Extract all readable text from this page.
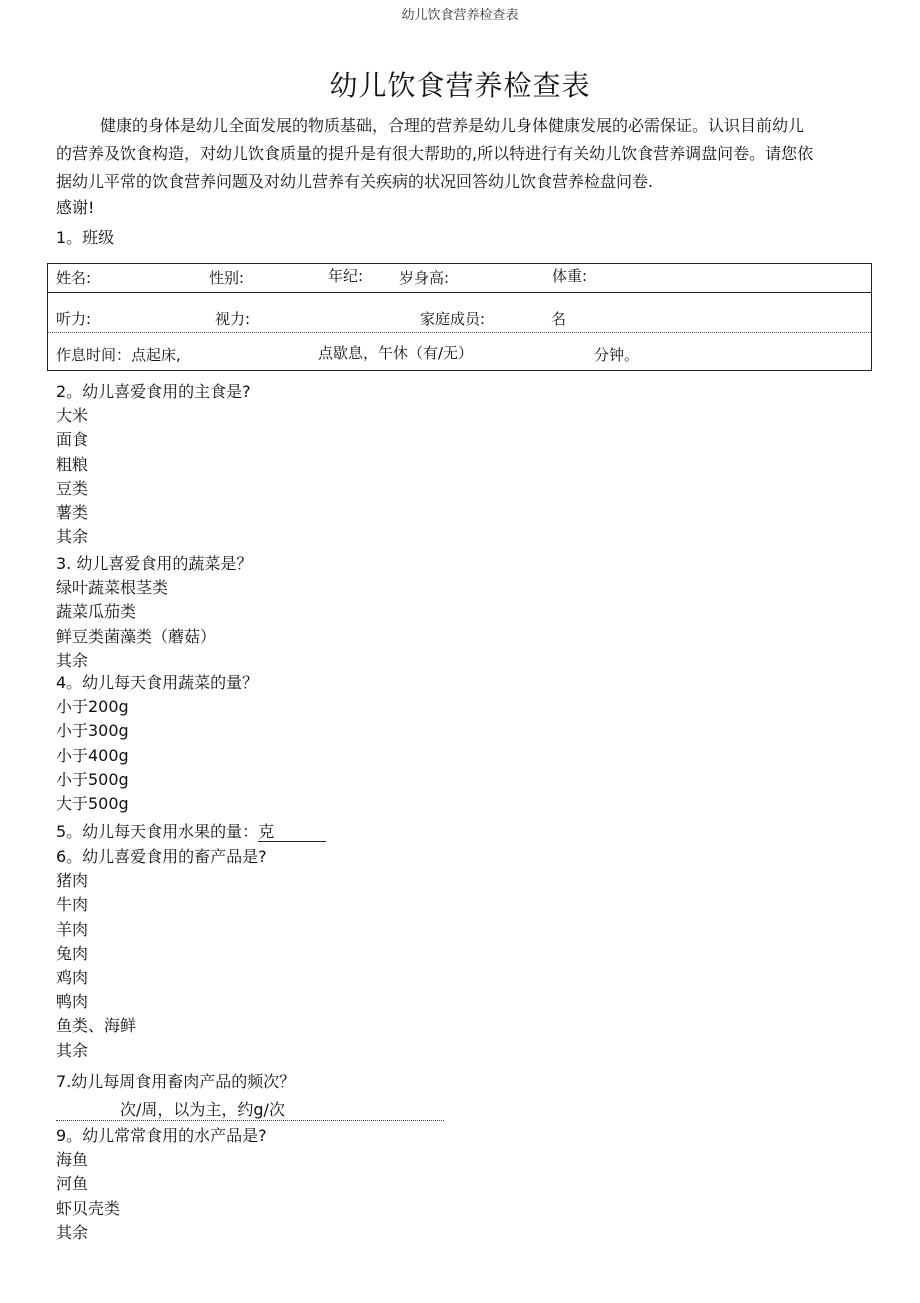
幼儿饮食营养检查表
幼儿饮食营养检查表

健康的身体是幼儿全面发展的物质基础，合理的营养是幼儿身体健康发展的必需保证。认识目前幼儿的营养及饮食构造，对幼儿饮食质量的提升是有很大帮助的,所以特进行有关幼儿饮食营养调盘问卷。请您依据幼儿平常的饮食营养问题及对幼儿营养有关疾病的状况回答幼儿饮食营养检盘问卷.

感谢!
1。班级
姓名:	性别:	年纪: 岁身高:	体重:
听力:	视力:	家庭成员:	名
作息时间：点起床,	点歇息，午休（有/无）	分钟。
2。幼儿喜爱食用的主食是?
大米
面食
粗粮
豆类
薯类
其余
3. 幼儿喜爱食用的蔬菜是？
绿叶蔬菜根茎类
蔬菜瓜茄类
鲜豆类菌藻类（蘑菇）
其余
4。幼儿每天食用蔬菜的量？
小于200g
小于300g
小于400g
小于500g
大于500g
5。幼儿每天食用水果的量：克
6。幼儿喜爱食用的畜产品是?
猪肉
牛肉
羊肉
兔肉
鸡肉
鸭肉
鱼类、海鲜
其余
7.幼儿每周食用畜肉产品的频次？
次/周，以为主，约g/次
9。幼儿常常食用的水产品是?
海鱼
河鱼
虾贝壳类
其余
